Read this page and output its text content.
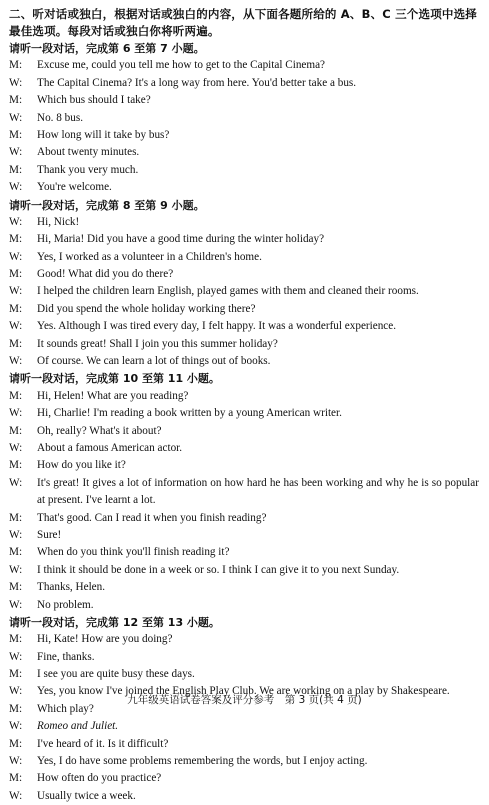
二、听对话或独白，根据对话或独白的内容，从下面各题所给的 A、B、C 三个选项中选择最佳选项。每段对话或独白你将听两遍。
请听一段对话，完成第 6 至第 7 小题。
M:	Excuse me, could you tell me how to get to the Capital Cinema?
W:	The Capital Cinema? It's a long way from here. You'd better take a bus.
M:	Which bus should I take?
W:	No. 8 bus.
M:	How long will it take by bus?
W:	About twenty minutes.
M:	Thank you very much.
W:	You're welcome.
请听一段对话，完成第 8 至第 9 小题。
W:	Hi, Nick!
M:	Hi, Maria! Did you have a good time during the winter holiday?
W:	Yes, I worked as a volunteer in a Children's home.
M:	Good! What did you do there?
W:	I helped the children learn English, played games with them and cleaned their rooms.
M:	Did you spend the whole holiday working there?
W:	Yes. Although I was tired every day, I felt happy. It was a wonderful experience.
M:	It sounds great! Shall I join you this summer holiday?
W:	Of course. We can learn a lot of things out of books.
请听一段对话，完成第 10 至第 11 小题。
M:	Hi, Helen! What are you reading?
W:	Hi, Charlie! I'm reading a book written by a young American writer.
M:	Oh, really? What's it about?
W:	About a famous American actor.
M:	How do you like it?
W:	It's great! It gives a lot of information on how hard he has been working and why he is so popular at present. I've learnt a lot.
M:	That's good. Can I read it when you finish reading?
W:	Sure!
M:	When do you think you'll finish reading it?
W:	I think it should be done in a week or so. I think I can give it to you next Sunday.
M:	Thanks, Helen.
W:	No problem.
请听一段对话，完成第 12 至第 13 小题。
M:	Hi, Kate! How are you doing?
W:	Fine, thanks.
M:	I see you are quite busy these days.
W:	Yes, you know I've joined the English Play Club. We are working on a play by Shakespeare.
M:	Which play?
W:	Romeo and Juliet.
M:	I've heard of it. Is it difficult?
W:	Yes, I do have some problems remembering the words, but I enjoy acting.
M:	How often do you practice?
W:	Usually twice a week.
九年级英语试卷答案及评分参考　第 3 页(共 4 页)
